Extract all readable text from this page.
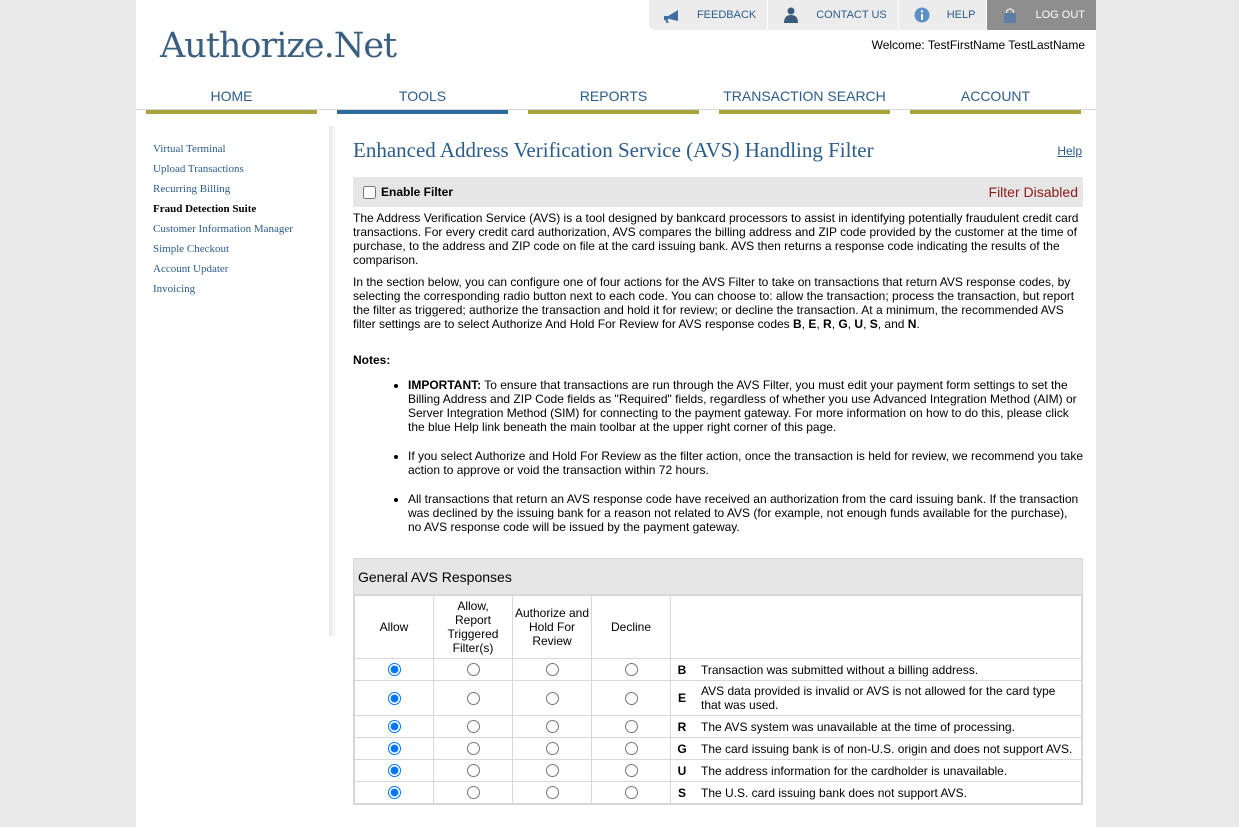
Authorize.Net
FEEDBACK	CONTACT US	HELP	LOG OUT
Welcome: TestFirstName TestLastName
HOME	TOOLS	REPORTS	TRANSACTION SEARCH	ACCOUNT
Virtual Terminal
Upload Transactions
Recurring Billing
Fraud Detection Suite
Customer Information Manager
Simple Checkout
Account Updater
Invoicing
Enhanced Address Verification Service (AVS) Handling Filter	Help
Enable Filter	Filter Disabled

The Address Verification Service (AVS) is a tool designed by bankcard processors to assist in identifying potentially fraudulent credit card transactions. For every credit card authorization, AVS compares the billing address and ZIP code provided by the customer at the time of purchase, to the address and ZIP code on file at the card issuing bank. AVS then returns a response code indicating the results of the comparison.

In the section below, you can configure one of four actions for the AVS Filter to take on transactions that return AVS response codes, by selecting the corresponding radio button next to each code. You can choose to: allow the transaction; process the transaction, but report the filter as triggered; authorize the transaction and hold it for review; or decline the transaction. At a minimum, the recommended AVS filter settings are to select Authorize And Hold For Review for AVS response codes B, E, R, G, U, S, and N.

Notes:
• IMPORTANT: To ensure that transactions are run through the AVS Filter, you must edit your payment form settings to set the Billing Address and ZIP Code fields as "Required" fields, regardless of whether you use Advanced Integration Method (AIM) or Server Integration Method (SIM) for connecting to the payment gateway. For more information on how to do this, please click the blue Help link beneath the main toolbar at the upper right corner of this page.
• If you select Authorize and Hold For Review as the filter action, once the transaction is held for review, we recommend you take action to approve or void the transaction within 72 hours.
• All transactions that return an AVS response code have received an authorization from the card issuing bank. If the transaction was declined by the issuing bank for a reason not related to AVS (for example, not enough funds available for the purchase), no AVS response code will be issued by the payment gateway.
General AVS Responses
Allow	Allow, Report Triggered Filter(s)	Authorize and Hold For Review	Decline		
				B	Transaction was submitted without a billing address.
				E	AVS data provided is invalid or AVS is not allowed for the card type that was used.
				R	The AVS system was unavailable at the time of processing.
				G	The card issuing bank is of non-U.S. origin and does not support AVS.
				U	The address information for the cardholder is unavailable.
				S	The U.S. card issuing bank does not support AVS.
